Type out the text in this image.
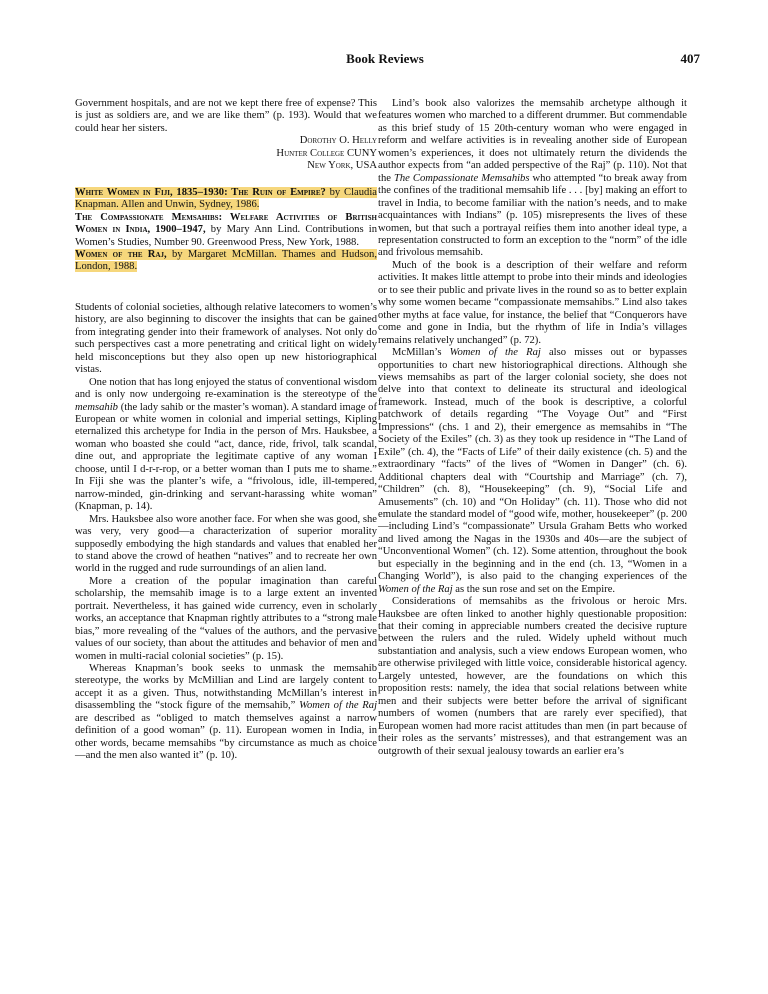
Book Reviews	407

Government hospitals, and are not we kept there free of expense? This is just as soldiers are, and we are like them” (p. 193). Would that we could hear her sisters.

Dorothy O. Helly
Hunter College CUNY
New York, USA

White Women in Fiji, 1835–1930: The Ruin of Empire? by Claudia Knapman. Allen and Unwin, Sydney, 1986.

The Compassionate Memsahibs: Welfare Activities of British Women in India, 1900–1947, by Mary Ann Lind. Contributions in Women’s Studies, Number 90. Greenwood Press, New York, 1988.

Women of the Raj, by Margaret McMillan. Thames and Hudson, London, 1988.

Students of colonial societies, although relative latecomers to women’s history, are also beginning to discover the insights that can be gained from integrating gender into their framework of analyses. Not only do such perspectives cast a more penetrating and critical light on widely held misconceptions but they also open up new historiographical vistas.

One notion that has long enjoyed the status of conventional wisdom and is only now undergoing re-examination is the stereotype of the memsahib (the lady sahib or the master’s woman). A standard image of European or white women in colonial and imperial settings, Kipling eternalized this archetype for India in the person of Mrs. Hauksbee, a woman who boasted she could “act, dance, ride, frivol, talk scandal, dine out, and appropriate the legitimate captive of any woman I choose, until I d-r-r-rop, or a better woman than I puts me to shame.” In Fiji she was the planter’s wife, a “frivolous, idle, ill-tempered, narrow-minded, gin-drinking and servant-harassing white woman” (Knapman, p. 14).

Mrs. Hauksbee also wore another face. For when she was good, she was very, very good—a characterization of superior morality supposedly embodying the high standards and values that enabled her to stand above the crowd of heathen “natives” and to recreate her own world in the rugged and rude surroundings of an alien land.

More a creation of the popular imagination than careful scholarship, the memsahib image is to a large extent an invented portrait. Nevertheless, it has gained wide currency, even in scholarly works, an acceptance that Knapman rightly attributes to a “strong male bias,” more revealing of the “values of the authors, and the pervasive values of our society, than about the attitudes and behavior of men and women in multi-racial colonial societies” (p. 15).

Whereas Knapman’s book seeks to unmask the memsahib stereotype, the works by McMillian and Lind are largely content to accept it as a given. Thus, notwithstanding McMillan’s interest in disassembling the “stock figure of the memsahib,” Women of the Raj are described as “obliged to match themselves against a narrow definition of a good woman” (p. 11). European women in India, in other words, became memsahibs “by circumstance as much as choice—and the men also wanted it” (p. 10).

Lind’s book also valorizes the memsahib archetype although it features women who marched to a different drummer. But commendable as this brief study of 15 20th-century woman who were engaged in reform and welfare activities is in revealing another side of European women’s experiences, it does not ultimately return the dividends the author expects from “an added perspective of the Raj” (p. 110). Not that the The Compassionate Memsahibs who attempted “to break away from the confines of the traditional memsahib life . . . [by] making an effort to travel in India, to become familiar with the nation’s needs, and to make acquaintances with Indians” (p. 105) misrepresents the lives of these women, but that such a portrayal reifies them into another ideal type, a representation constructed to form an exception to the “norm” of the idle and frivolous memsahib.

Much of the book is a description of their welfare and reform activities. It makes little attempt to probe into their minds and ideologies or to see their public and private lives in the round so as to better explain why some women became “compassionate memsahibs.” Lind also takes other myths at face value, for instance, the belief that “Conquerors have come and gone in India, but the rhythm of life in India’s villages remains relatively unchanged” (p. 72).

McMillan’s Women of the Raj also misses out or bypasses opportunities to chart new historiographical directions. Although she views memsahibs as part of the larger colonial society, she does not delve into that context to delineate its structural and ideological framework. Instead, much of the book is descriptive, a colorful patchwork of details regarding “The Voyage Out” and “First Impressions“ (chs. 1 and 2), their emergence as memsahibs in “The Society of the Exiles” (ch. 3) as they took up residence in “The Land of Exile” (ch. 4), the “Facts of Life” of their daily existence (ch. 5) and the extraordinary “facts” of the lives of “Women in Danger” (ch. 6). Additional chapters deal with “Courtship and Marriage” (ch. 7), “Children” (ch. 8), “Housekeeping” (ch. 9), “Social Life and Amusements” (ch. 10) and “On Holiday” (ch. 11). Those who did not emulate the standard model of “good wife, mother, housekeeper” (p. 200—including Lind’s “compassionate” Ursula Graham Betts who worked and lived among the Nagas in the 1930s and 40s—are the subject of “Unconventional Women” (ch. 12). Some attention, throughout the book but especially in the beginning and in the end (ch. 13, “Women in a Changing World”), is also paid to the changing experiences of the Women of the Raj as the sun rose and set on the Empire.

Considerations of memsahibs as the frivolous or heroic Mrs. Hauksbee are often linked to another highly questionable proposition: that their coming in appreciable numbers created the decisive rupture between the rulers and the ruled. Widely upheld without much substantiation and analysis, such a view endows European women, who are otherwise privileged with little voice, considerable historical agency. Largely untested, however, are the foundations on which this proposition rests: namely, the idea that social relations between white men and their subjects were better before the arrival of significant numbers of women (numbers that are rarely ever specified), that European women had more racist attitudes than men (in part because of their roles as the servants’ mistresses), and that estrangement was an outgrowth of their sexual jealousy towards an earlier era’s
